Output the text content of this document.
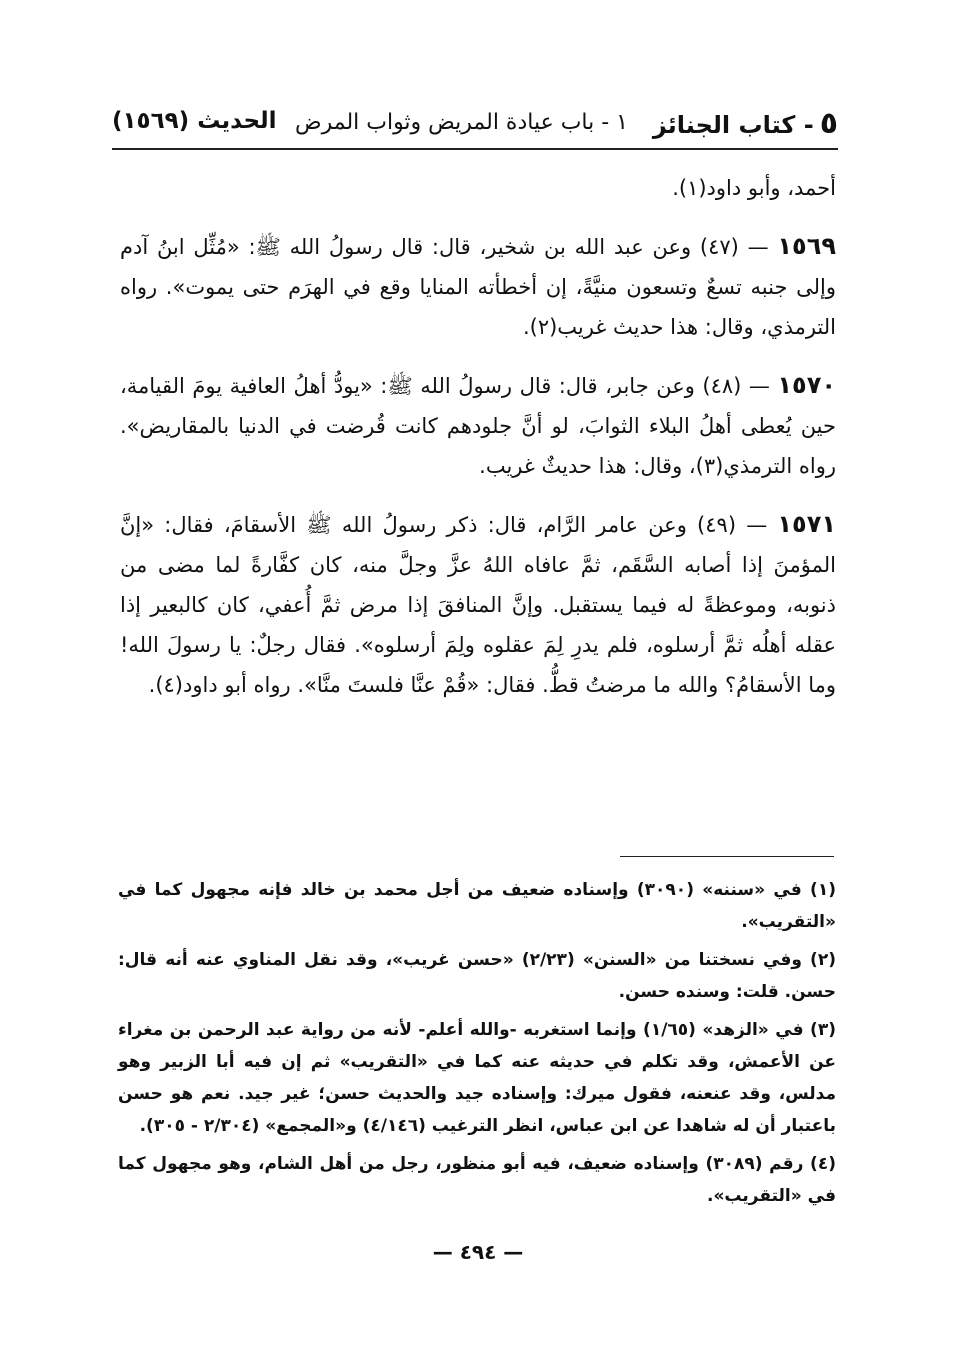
٥- كتاب الجنائز
١ - باب عيادة المريض وثواب المرض
الحديث (١٥٦٩)

أحمد، وأبو داود(١).

١٥٦٩ — (٤٧) وعن عبد الله بن شخير، قال: قال رسولُ الله ﷺ: «مُثِّل ابنُ آدم وإلى جنبه تسعٌ وتسعون منيَّةً، إن أخطأته المنايا وقع في الهرَم حتى يموت». رواه الترمذي، وقال: هذا حديث غريب(٢).

١٥٧٠ — (٤٨) وعن جابر، قال: قال رسولُ الله ﷺ: «يودُّ أهلُ العافية يومَ القيامة، حين يُعطى أهلُ البلاء الثوابَ، لو أنَّ جلودهم كانت قُرضت في الدنيا بالمقاريض». رواه الترمذي(٣)، وقال: هذا حديثٌ غريب.

١٥٧١ — (٤٩) وعن عامر الرَّام، قال: ذكر رسولُ الله ﷺ الأسقامَ، فقال: «إنَّ المؤمنَ إذا أصابه السَّقَم، ثمَّ عافاه اللهُ عزَّ وجلَّ منه، كان كفَّارةً لما مضى من ذنوبه، وموعظةً له فيما يستقبل. وإنَّ المنافقَ إذا مرض ثمَّ أُعفي، كان كالبعير إذا عقله أهلُه ثمَّ أرسلوه، فلم يدرِ لِمَ عقلوه ولِمَ أرسلوه». فقال رجلٌ: يا رسولَ الله! وما الأسقامُ؟ والله ما مرضتُ قطُّ. فقال: «قُمْ عنَّا فلستَ منَّا». رواه أبو داود(٤).

(١) في «سننه» (٣٠٩٠) وإسناده ضعيف من أجل محمد بن خالد فإنه مجهول كما في «التقريب».

(٢) وفي نسختنا من «السنن» (٢/٢٣) «حسن غريب»، وقد نقل المناوي عنه أنه قال: حسن. قلت: وسنده حسن.

(٣) في «الزهد» (١/٦٥) وإنما استغربه -والله أعلم- لأنه من رواية عبد الرحمن بن مغراء عن الأعمش، وقد تكلم في حديثه عنه كما في «التقريب» ثم إن فيه أبا الزبير وهو مدلس، وقد عنعنه، فقول ميرك: وإسناده جيد والحديث حسن؛ غير جيد. نعم هو حسن باعتبار أن له شاهدا عن ابن عباس، انظر الترغيب (٤/١٤٦) و«المجمع» (٢/٣٠٤ - ٣٠٥).

(٤) رقم (٣٠٨٩) وإسناده ضعيف، فيه أبو منظور، رجل من أهل الشام، وهو مجهول كما في «التقريب».

— ٤٩٤ —
